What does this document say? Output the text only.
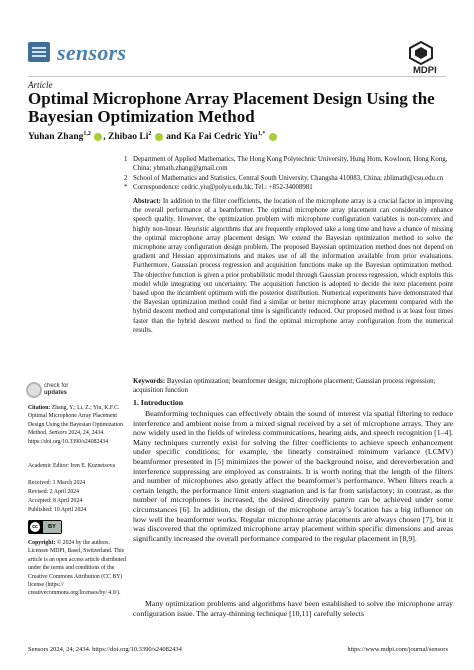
sensors
MDPI
Article
Optimal Microphone Array Placement Design Using the Bayesian Optimization Method
Yuhan Zhang$^{1,2}$ , Zhibao Li$^2$  and Ka Fai Cedric Yiu$^{1,*}$
1 Department of Applied Mathematics, The Hong Kong Polytechnic University, Hung Hom, Kowloon, Hong Kong, China; yhmath.zhang@gmail.com
2 School of Mathematics and Statistics, Central South University, Changsha 410083, China; zblimath@csu.edu.cn
* Correspondence: cedric.yiu@polyu.edu.hk; Tel.: +852-34008981
Abstract: In addition to the filter coefficients, the location of the microphone array is a crucial factor in improving the overall performance of a beamformer. The optimal microphone array placement can considerably enhance speech quality. However, the optimization problem with microphone configuration variables is non-convex and highly non-linear. Heuristic algorithms that are frequently employed take a long time and have a chance of missing the optimal microphone array placement design. We extend the Bayesian optimization method to solve the microphone array configuration design problem. The proposed Bayesian optimization method does not depend on gradient and Hessian approximations and makes use of all the information available from prior evaluations. Furthermore, Gaussian process regression and acquisition functions make up the Bayesian optimization method. The objective function is given a prior probabilistic model through Gaussian process regression, which exploits this model while integrating out uncertainty. The acquisition function is adopted to decide the next placement point based upon the incumbent optimum with the posterior distribution. Numerical experiments have demonstrated that the Bayesian optimization method could find a similar or better microphone array placement compared with the hybrid descent method and computational time is significantly reduced. Our proposed method is at least four times faster than the hybrid descent method to find the optimal microphone array configuration from the numerical results.
Keywords: Bayesian optimization; beamformer design; microphone placement; Gaussian process regression; acquisition function
check for
updates
Citation: Zhang, Y.; Li, Z.; Yiu, K.F.C. Optimal Microphone Array Placement Design Using the Bayesian Optimization Method. Sensors 2024, 24, 2434. https://doi.org/10.3390/s24082434
Academic Editor: Iren E. Kuznetsova
Received: 1 March 2024
Revised: 2 April 2024
Accepted: 8 April 2024
Published: 10 April 2024
cc	BY
Copyright: © 2024 by the authors. Licensee MDPI, Basel, Switzerland. This article is an open access article distributed under the terms and conditions of the Creative Commons Attribution (CC BY) license (https:// creativecommons.org/licenses/by/ 4.0/).
1. Introduction
Beamforming techniques can effectively obtain the sound of interest via spatial filtering to reduce interference and ambient noise from a mixed signal received by a set of microphone arrays. They are now widely used in the fields of wireless communications, hearing aids, and speech recognition [1–4]. Many techniques currently exist for solving the filter coefficients to achieve speech enhancement under specific conditions; for example, the linearly constrained minimum variance (LCMV) beamformer presented in [5] minimizes the power of the background noise, and dereverberation and interference suppressing are employed as constraints. It is worth noting that the length of the filters and number of microphones also greatly affect the beamformer’s performance. When filters reach a certain length, the performance limit enters stagnation and is far from satisfactory; in contrast, as the number of microphones is increased, the desired directivity pattern can be achieved under some circumstances [6]. In addition, the design of the microphone array’s location has a big influence on how well the beamformer works. Regular microphone array placements are always chosen [7], but it was discovered that the optimized microphone array placement within specific dimensions and areas significantly increased the overall performance compared to the regular placement in [8,9].
Many optimization problems and algorithms have been established to solve the microphone array configuration issue. The array-thinning technique [10,11] carefully selects
Sensors 2024, 24, 2434. https://doi.org/10.3390/s24082434	https://www.mdpi.com/journal/sensors
